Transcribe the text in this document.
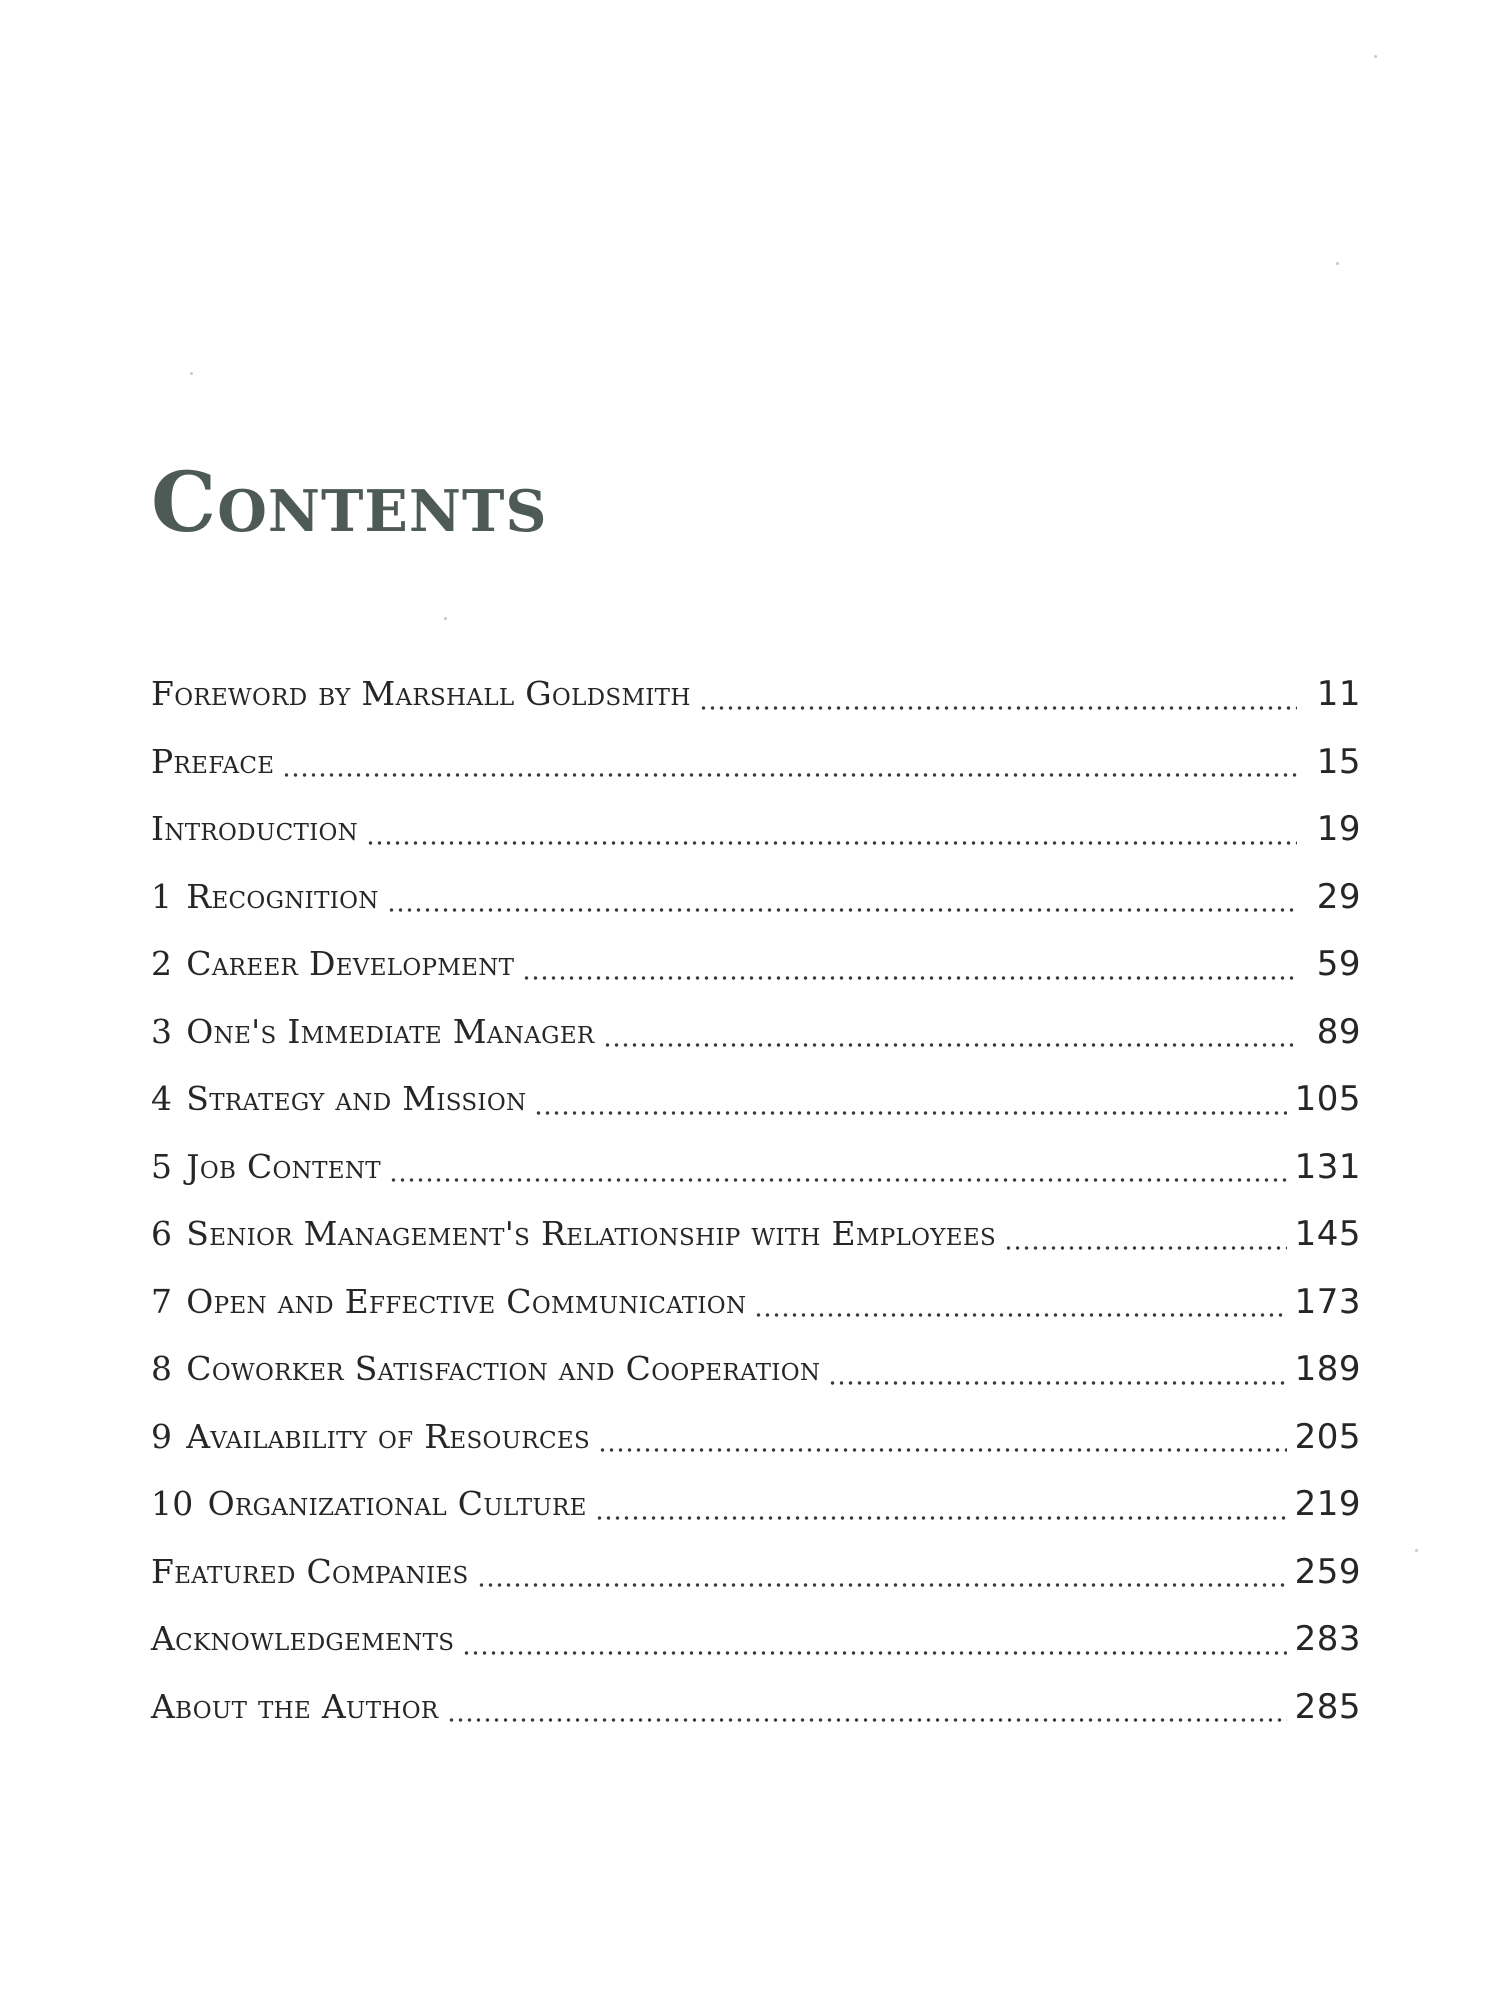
Contents
Foreword by Marshall Goldsmith	11
Preface	15
Introduction	19
1 Recognition	29
2 Career Development	59
3 One's Immediate Manager	89
4 Strategy and Mission	105
5 Job Content	131
6 Senior Management's Relationship with Employees	145
7 Open and Effective Communication	173
8 Coworker Satisfaction and Cooperation	189
9 Availability of Resources	205
10 Organizational Culture	219
Featured Companies	259
Acknowledgements	283
About the Author	285
